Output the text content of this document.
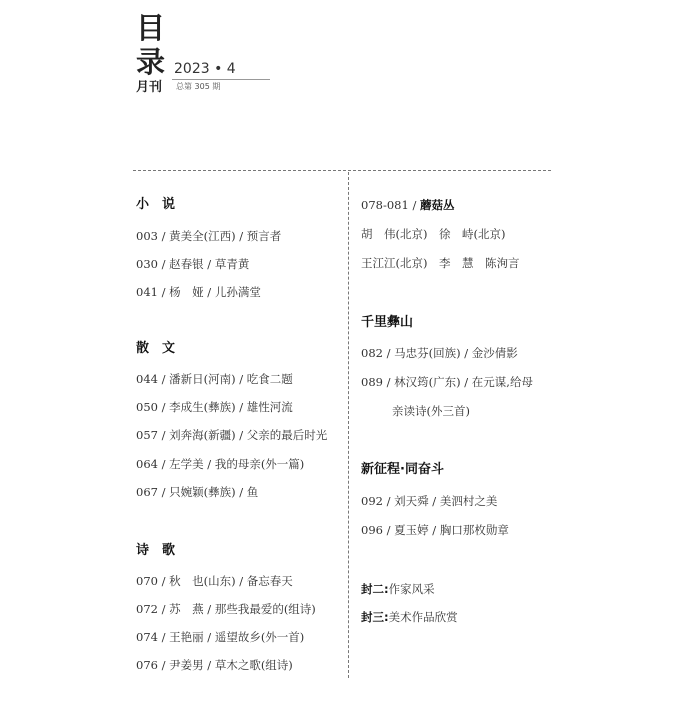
目
录
月刊
2023 • 4
总第 305 期
小　说
003 / 黄美全(江西) / 预言者
030 / 赵春银 / 草青黄
041 / 杨　娅 / 儿孙满堂
散　文
044 / 潘新日(河南) / 吃食二题
050 / 李成生(彝族) / 雄性河流
057 / 刘奔海(新疆) / 父亲的最后时光
064 / 左学美 / 我的母亲(外一篇)
067 / 只婉颖(彝族) / 鱼
诗　歌
070 / 秋　也(山东) / 备忘春天
072 / 苏　燕 / 那些我最爱的(组诗)
074 / 王艳丽 / 遥望故乡(外一首)
076 / 尹姜男 / 草木之歌(组诗)
078-081 / 蘑菇丛
胡　伟(北京)　徐　峙(北京)
王江江(北京)　李　慧　陈洵言
千里彝山
082 / 马忠芬(回族) / 金沙倩影
089 / 林汉筠(广东) / 在元谋,给母
亲读诗(外三首)
新征程·同奋斗
092 / 刘天舜 / 美泗村之美
096 / 夏玉婷 / 胸口那枚勋章
封二:作家风采
封三:美术作品欣赏
